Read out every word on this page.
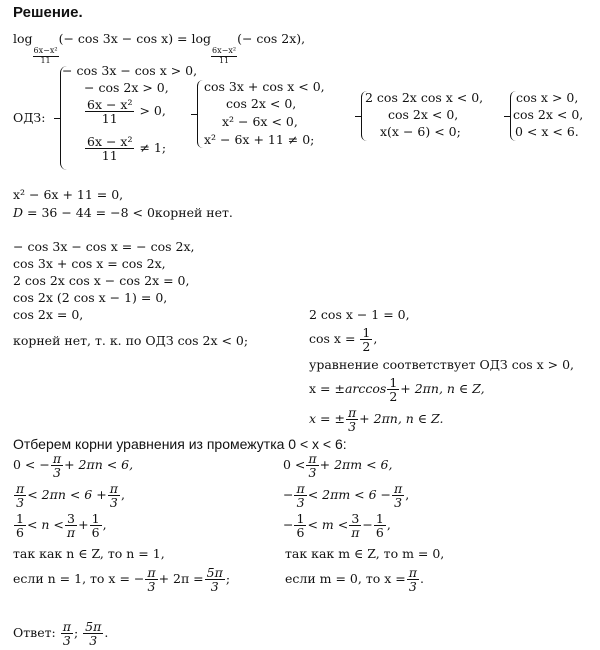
Решение.
log
$\frac{\text{6x−x²}}{11}$
(− cos 3x − cos x) = log
$\frac{\text{6x−x²}}{11}$
(− cos 2x),
ОДЗ:
− cos 3x − cos x > 0,
− cos 2x > 0,
$\frac{\text{6x − x²}}{11} > 0$,
$\frac{\text{6x − x²}}{11} \ne 1$;
cos 3x + cos x < 0,
cos 2x < 0,
x² − 6x < 0,
x² − 6x + 11 ≠ 0;
2 cos 2x cos x < 0,
cos 2x < 0,
x(x − 6) < 0;
cos x > 0,
cos 2x < 0,
0 < x < 6.
x² − 6x + 11 = 0,
D = 36 − 44 = −8 < 0корней нет.
− cos 3x − cos x = − cos 2x,
cos 3x + cos x = cos 2x,
2 cos 2x cos x − cos 2x = 0,
cos 2x (2 cos x − 1) = 0,
cos 2x = 0,
корней нет, т. к. по ОДЗ cos 2x < 0;
2 cos x − 1 = 0,
$\cos x = \frac{1}{2}$ ,
уравнение соответствует ОДЗ cos x > 0,
$x = \pm\arccos \frac{1}{2} + 2\pi n$, n ∈ Z,
x = ± $\frac{\pi}{3} + 2\pi n$, n ∈ Z.
Отберем корни уравнения из промежутка 0 < x < 6:
0 < − $\frac{\pi}{3} + 2\pi n < 6$,
$\frac{\pi}{3} < 2\pi n < 6 + \frac{\pi}{3}$ ,
$\frac{1}{6} < n < \frac{3}{\pi} + \frac{1}{6}$ ,
так как n ∈ Z, то n = 1,
если n = 1, то x = − $\frac{\pi}{3} + 2\pi = \frac{5\pi}{3}$ ;
$0 < \frac{\pi}{3} + 2\pi m < 6$,
− $\frac{\pi}{3} < 2\pi m < 6 - \frac{\pi}{3}$ ,
− $\frac{1}{6} < m < \frac{3}{\pi} - \frac{1}{6}$ ,
так как m ∈ Z, то m = 0,
если m = 0, то $x = \frac{\pi}{3}$ .
Ответ: $\frac{\pi}{3}$ ; $\frac{5\pi}{3}$ .
